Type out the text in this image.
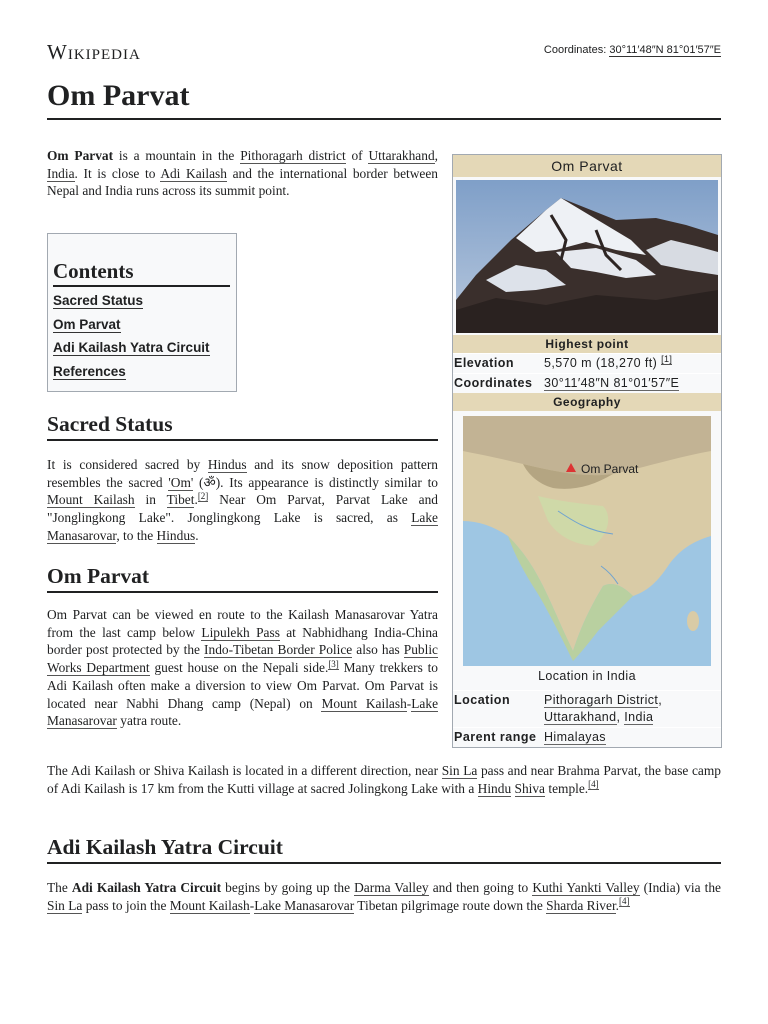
Wikipedia	Coordinates: 30°11′48″N 81°01′57″E
Om Parvat

Om Parvat is a mountain in the Pithoragarh district of Uttarakhand, India. It is close to Adi Kailash and the international border between Nepal and India runs across its summit point.

Contents
Sacred Status
Om Parvat
Adi Kailash Yatra Circuit
References
Sacred Status

It is considered sacred by Hindus and its snow deposition pattern resembles the sacred 'Om' (ॐ). Its appearance is distinctly similar to Mount Kailash in Tibet.[2] Near Om Parvat, Parvat Lake and "Jonglingkong Lake". Jonglingkong Lake is sacred, as Lake Manasarovar, to the Hindus.

Om Parvat

Om Parvat can be viewed en route to the Kailash Manasarovar Yatra from the last camp below Lipulekh Pass at Nabhidhang India-China border post protected by the Indo-Tibetan Border Police also has Public Works Department guest house on the Nepali side.[3] Many trekkers to Adi Kailash often make a diversion to view Om Parvat. Om Parvat is located near Nabhi Dhang camp (Nepal) on Mount Kailash-Lake Manasarovar yatra route.

The Adi Kailash or Shiva Kailash is located in a different direction, near Sin La pass and near Brahma Parvat, the base camp of Adi Kailash is 17 km from the Kutti village at sacred Jolingkong Lake with a Hindu Shiva temple.[4]

Adi Kailash Yatra Circuit

The Adi Kailash Yatra Circuit begins by going up the Darma Valley and then going to Kuthi Yankti Valley (India) via the Sin La pass to join the Mount Kailash-Lake Manasarovar Tibetan pilgrimage route down the Sharda River.[4]

Om Parvat
Highest point
Elevation	5,570 m (18,270 ft) [1]
Coordinates 30°11′48″N 81°01′57″E
Geography
Om Parvat
Location in India
Location	Pithoragarh District,
Uttarakhand, India
Parent range Himalayas
